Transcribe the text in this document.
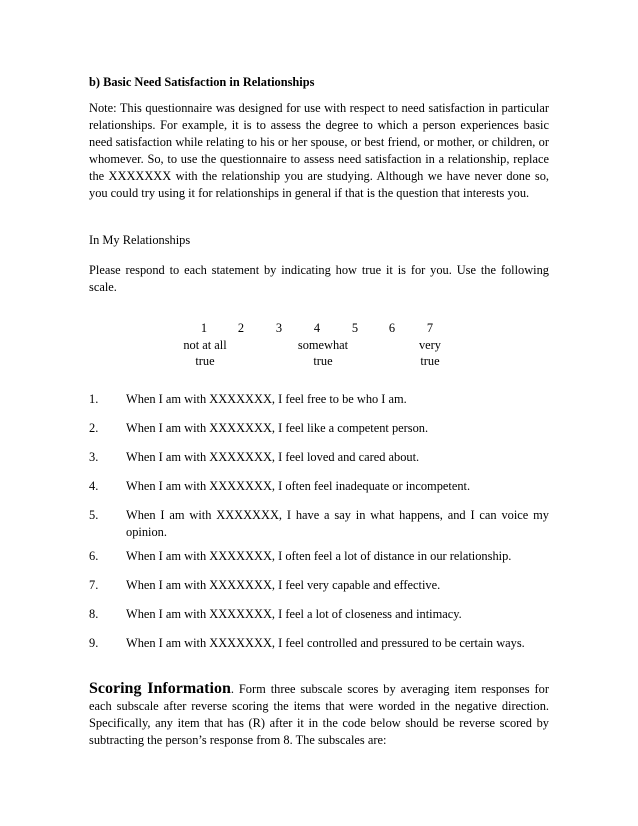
b) Basic Need Satisfaction in Relationships
Note: This questionnaire was designed for use with respect to need satisfaction in particular relationships. For example, it is to assess the degree to which a person experiences basic need satisfaction while relating to his or her spouse, or best friend, or mother, or children, or whomever. So, to use the questionnaire to assess need satisfaction in a relationship, replace the XXXXXXX with the relationship you are studying. Although we have never done so, you could try using it for relationships in general if that is the question that interests you.
In My Relationships
Please respond to each statement by indicating how true it is for you. Use the following scale.
1	2	3	4	5	6	7
not at all
true
somewhat
true
very
true
1. When I am with XXXXXXX, I feel free to be who I am.
2. When I am with XXXXXXX, I feel like a competent person.
3. When I am with XXXXXXX, I feel loved and cared about.
4. When I am with XXXXXXX, I often feel inadequate or incompetent.
5. When I am with XXXXXXX, I have a say in what happens, and I can voice my opinion.
6. When I am with XXXXXXX, I often feel a lot of distance in our relationship.
7. When I am with XXXXXXX, I feel very capable and effective.
8. When I am with XXXXXXX, I feel a lot of closeness and intimacy.
9. When I am with XXXXXXX, I feel controlled and pressured to be certain ways.
Scoring Information. Form three subscale scores by averaging item responses for each subscale after reverse scoring the items that were worded in the negative direction. Specifically, any item that has (R) after it in the code below should be reverse scored by subtracting the person’s response from 8. The subscales are:
